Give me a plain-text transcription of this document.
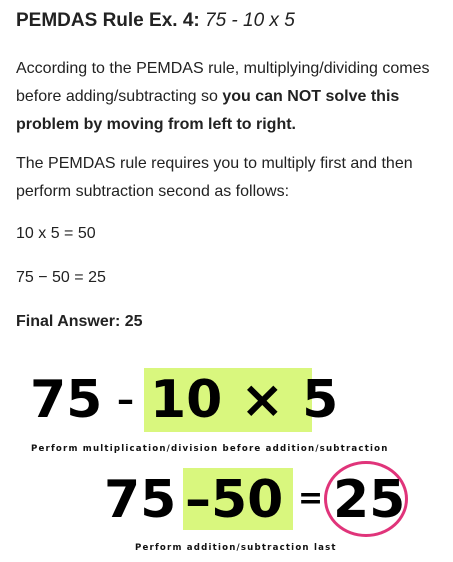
PEMDAS Rule Ex. 4: 75 - 10 x 5
According to the PEMDAS rule, multiplying/dividing comes before adding/subtracting so you can NOT solve this problem by moving from left to right.
The PEMDAS rule requires you to multiply first and then perform subtraction second as follows:
10 x 5 = 50
75 − 50 = 25
Final Answer: 25
75 – 10 × 5
Perform multiplication/division before addition/subtraction
75 –50 = 25
Perform addition/subtraction last
